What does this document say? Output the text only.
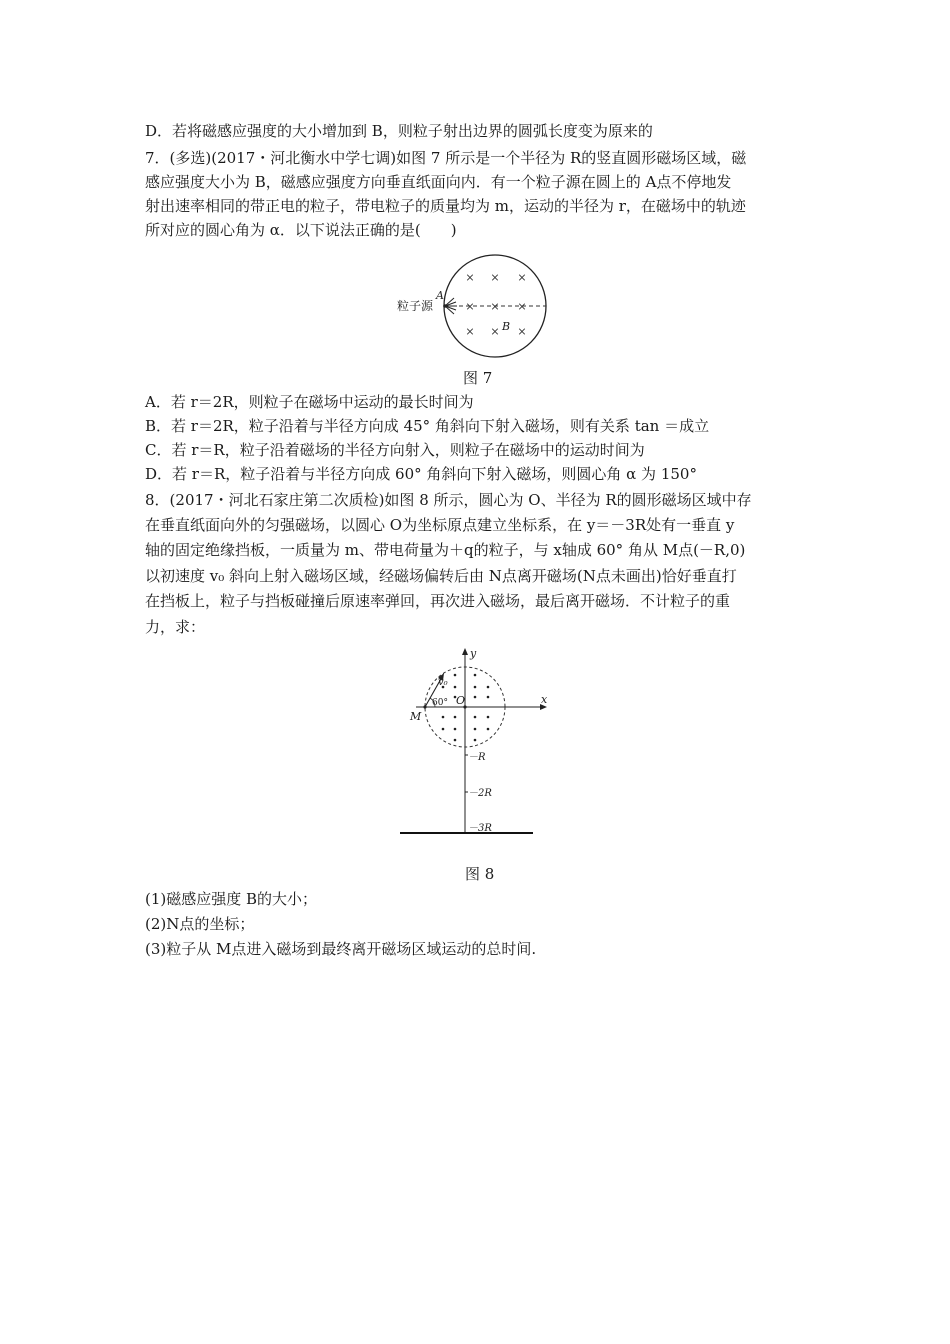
D．若将磁感应强度的大小增加到 B，则粒子射出边界的圆弧长度变为原来的
7．(多选)(2017・河北衡水中学七调)如图 7 所示是一个半径为 R的竖直圆形磁场区域，磁
感应强度大小为 B，磁感应强度方向垂直纸面向内．有一个粒子源在圆上的 A点不停地发
射出速率相同的带正电的粒子，带电粒子的质量均为 m，运动的半径为 r，在磁场中的轨迹
所对应的圆心角为 α．以下说法正确的是(　　)
× × ×
× × ×
× × ×
A
B
粒子源
图 7
A．若 r＝2R，则粒子在磁场中运动的最长时间为
B．若 r＝2R，粒子沿着与半径方向成 45° 角斜向下射入磁场，则有关系 tan ＝成立
C．若 r＝R，粒子沿着磁场的半径方向射入，则粒子在磁场中的运动时间为
D．若 r＝R，粒子沿着与半径方向成 60° 角斜向下射入磁场，则圆心角 α 为 150°
8．(2017・河北石家庄第二次质检)如图 8 所示，圆心为 O、半径为 R的圆形磁场区域中存
在垂直纸面向外的匀强磁场，以圆心 O为坐标原点建立坐标系，在 y＝－3R处有一垂直 y
轴的固定绝缘挡板，一质量为 m、带电荷量为＋q的粒子，与 x轴成 60° 角从 M点(－R,0)
以初速度 v₀ 斜向上射入磁场区域，经磁场偏转后由 N点离开磁场(N点未画出)恰好垂直打
在挡板上，粒子与挡板碰撞后原速率弹回，再次进入磁场，最后离开磁场．不计粒子的重
力，求：
y
x
v₀
60°
M
O
－R
－2R
－3R
图 8
(1)磁感应强度 B的大小；
(2)N点的坐标；
(3)粒子从 M点进入磁场到最终离开磁场区域运动的总时间.
